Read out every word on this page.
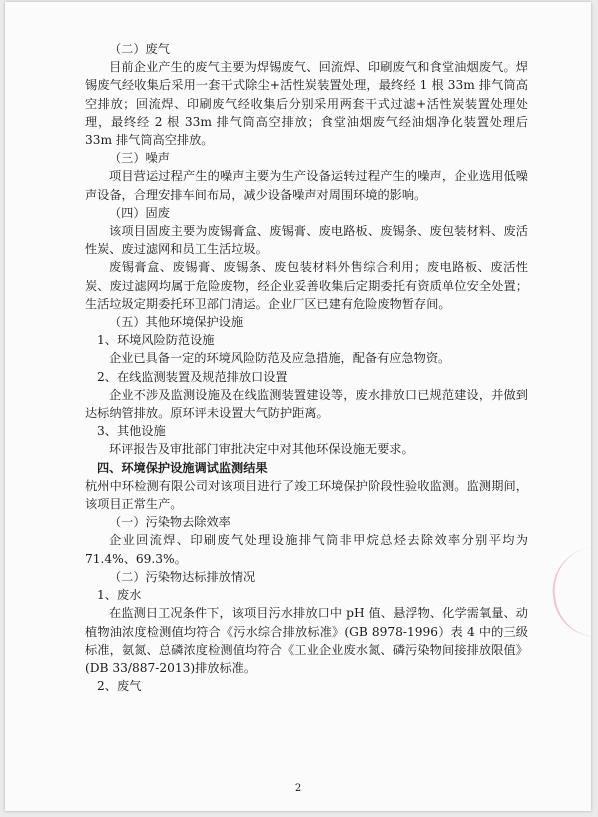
（二）废气

目前企业产生的废气主要为焊锡废气、回流焊、印刷废气和食堂油烟废气。焊锡废气经收集后采用一套干式除尘+活性炭装置处理，最终经 1 根 33m 排气筒高空排放；回流焊、印刷废气经收集后分别采用两套干式过滤+活性炭装置处理处理，最终经 2 根 33m 排气筒高空排放；食堂油烟废气经油烟净化装置处理后 33m 排气筒高空排放。

（三）噪声

项目营运过程产生的噪声主要为生产设备运转过程产生的噪声，企业选用低噪声设备，合理安排车间布局，减少设备噪声对周围环境的影响。

（四）固废

该项目固废主要为废锡膏盒、废锡膏、废电路板、废锡条、废包装材料、废活性炭、废过滤网和员工生活垃圾。

废锡膏盒、废锡膏、废锡条、废包装材料外售综合利用；废电路板、废活性炭、废过滤网均属于危险废物，经企业妥善收集后定期委托有资质单位安全处置；生活垃圾定期委托环卫部门清运。企业厂区已建有危险废物暂存间。

（五）其他环境保护设施

1、环境风险防范设施

企业已具备一定的环境风险防范及应急措施，配备有应急物资。

2、在线监测装置及规范排放口设置

企业不涉及监测设施及在线监测装置建设等，废水排放口已规范建设，并做到达标纳管排放。原环评未设置大气防护距离。

3、其他设施

环评报告及审批部门审批决定中对其他环保设施无要求。

四、环境保护设施调试监测结果

杭州中环检测有限公司对该项目进行了竣工环境保护阶段性验收监测。监测期间，该项目正常生产。

（一）污染物去除效率

企业回流焊、印刷废气处理设施排气筒非甲烷总烃去除效率分别平均为 71.4%、69.3%。

（二）污染物达标排放情况

1、废水

在监测日工况条件下，该项目污水排放口中 pH 值、悬浮物、化学需氧量、动植物油浓度检测值均符合《污水综合排放标准》(GB 8978-1996）表 4 中的三级标准，氨氮、总磷浓度检测值均符合《工业企业废水氮、磷污染物间接排放限值》(DB 33/887-2013)排放标准。

2、废气

2
